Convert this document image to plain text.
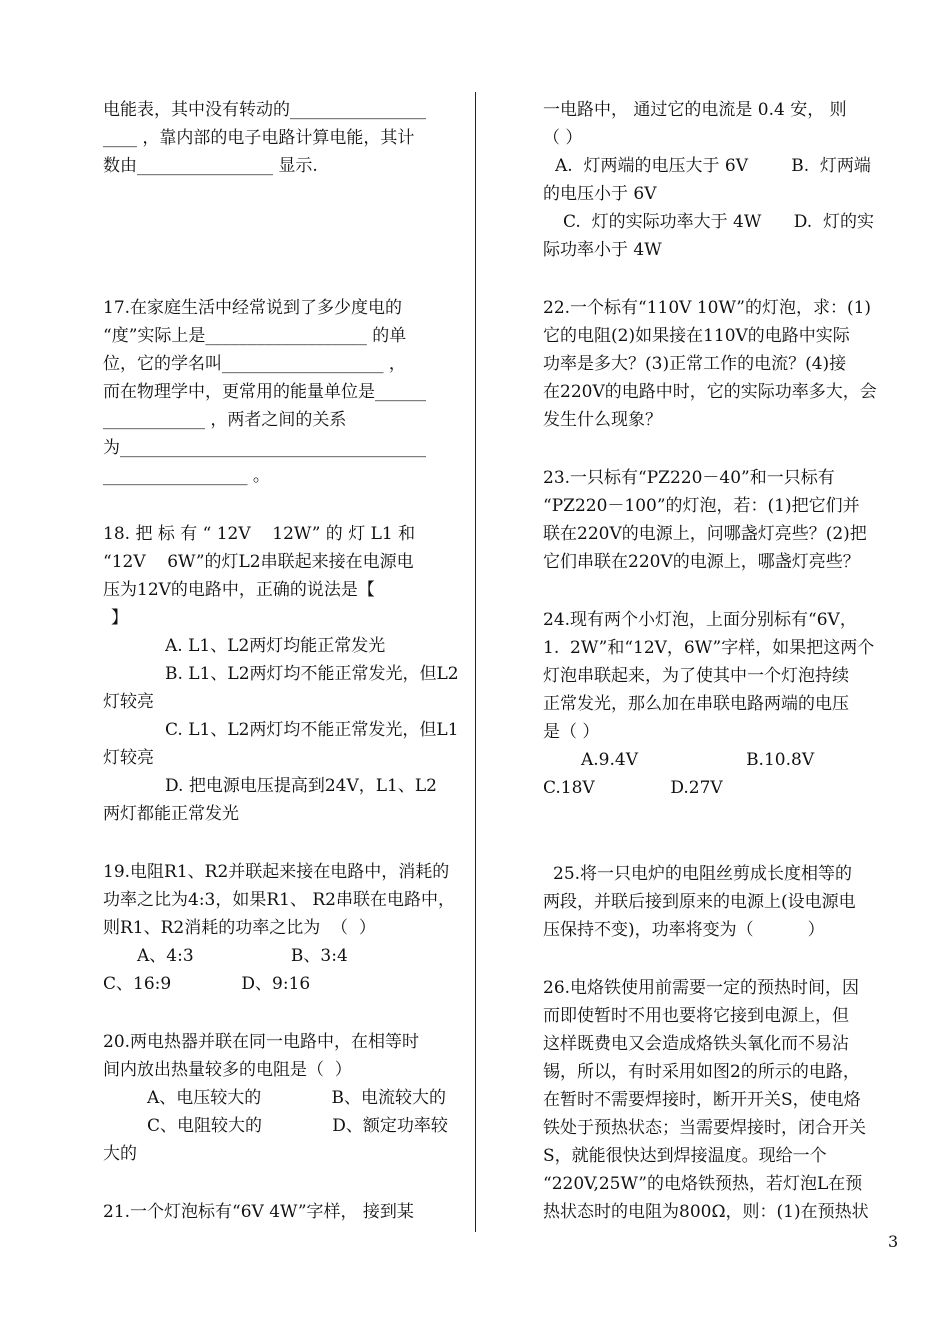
电能表，其中没有转动的________________
____ ，靠内部的电子电路计算电能，其计
数由________________ 显示.
17.在家庭生活中经常说到了多少度电的
“度”实际上是___________________ 的单
位，它的学名叫___________________ ，
而在物理学中，更常用的能量单位是______
____________ ，两者之间的关系
为____________________________________
_________________ 。
18. 把 标 有 “ 12V    12W” 的 灯 L1 和
“12V    6W”的灯L2串联起来接在电源电
压为12V的电路中，正确的说法是【
】
A. L1、L2两灯均能正常发光
B. L1、L2两灯均不能正常发光，但L2
灯较亮
C. L1、L2两灯均不能正常发光，但L1
灯较亮
D. 把电源电压提高到24V，L1、L2
两灯都能正常发光
19.电阻R1、R2并联起来接在电路中，消耗的
功率之比为4:3，如果R1、 R2串联在电路中，
则R1、R2消耗的功率之比为  （  ）
A、4:3                  B、3:4
C、16:9             D、9:16
20.两电热器并联在同一电路中，在相等时
间内放出热量较多的电阻是（  ）
A、电压较大的             B、电流较大的
C、电阻较大的             D、额定功率较
大的
21.一个灯泡标有“6V 4W”字样， 接到某
一电路中， 通过它的电流是 0.4 安， 则
（ ）
A.  灯两端的电压大于 6V        B.  灯两端
的电压小于 6V
C.  灯的实际功率大于 4W      D.  灯的实
际功率小于 4W
22.一个标有“110V 10W”的灯泡，求：(1)
它的电阻(2)如果接在110V的电路中实际
功率是多大？(3)正常工作的电流？(4)接
在220V的电路中时，它的实际功率多大，会
发生什么现象？
23.一只标有“PZ220－40”和一只标有
“PZ220－100”的灯泡，若：(1)把它们并
联在220V的电源上，问哪盏灯亮些？(2)把
它们串联在220V的电源上，哪盏灯亮些？
24.现有两个小灯泡，上面分别标有“6V，
1.  2W”和“12V，6W”字样，如果把这两个
灯泡串联起来，为了使其中一个灯泡持续
正常发光，那么加在串联电路两端的电压
是（ ）
A.9.4V                    B.10.8V
C.18V              D.27V
25.将一只电炉的电阻丝剪成长度相等的
两段，并联后接到原来的电源上(设电源电
压保持不变)，功率将变为（          ）
26.电烙铁使用前需要一定的预热时间，因
而即使暂时不用也要将它接到电源上，但
这样既费电又会造成烙铁头氧化而不易沾
锡，所以，有时采用如图2的所示的电路，
在暂时不需要焊接时，断开开关S，使电烙
铁处于预热状态；当需要焊接时，闭合开关
S，就能很快达到焊接温度。现给一个
“220V,25W”的电烙铁预热，若灯泡L在预
热状态时的电阻为800Ω，则：(1)在预热状
3
